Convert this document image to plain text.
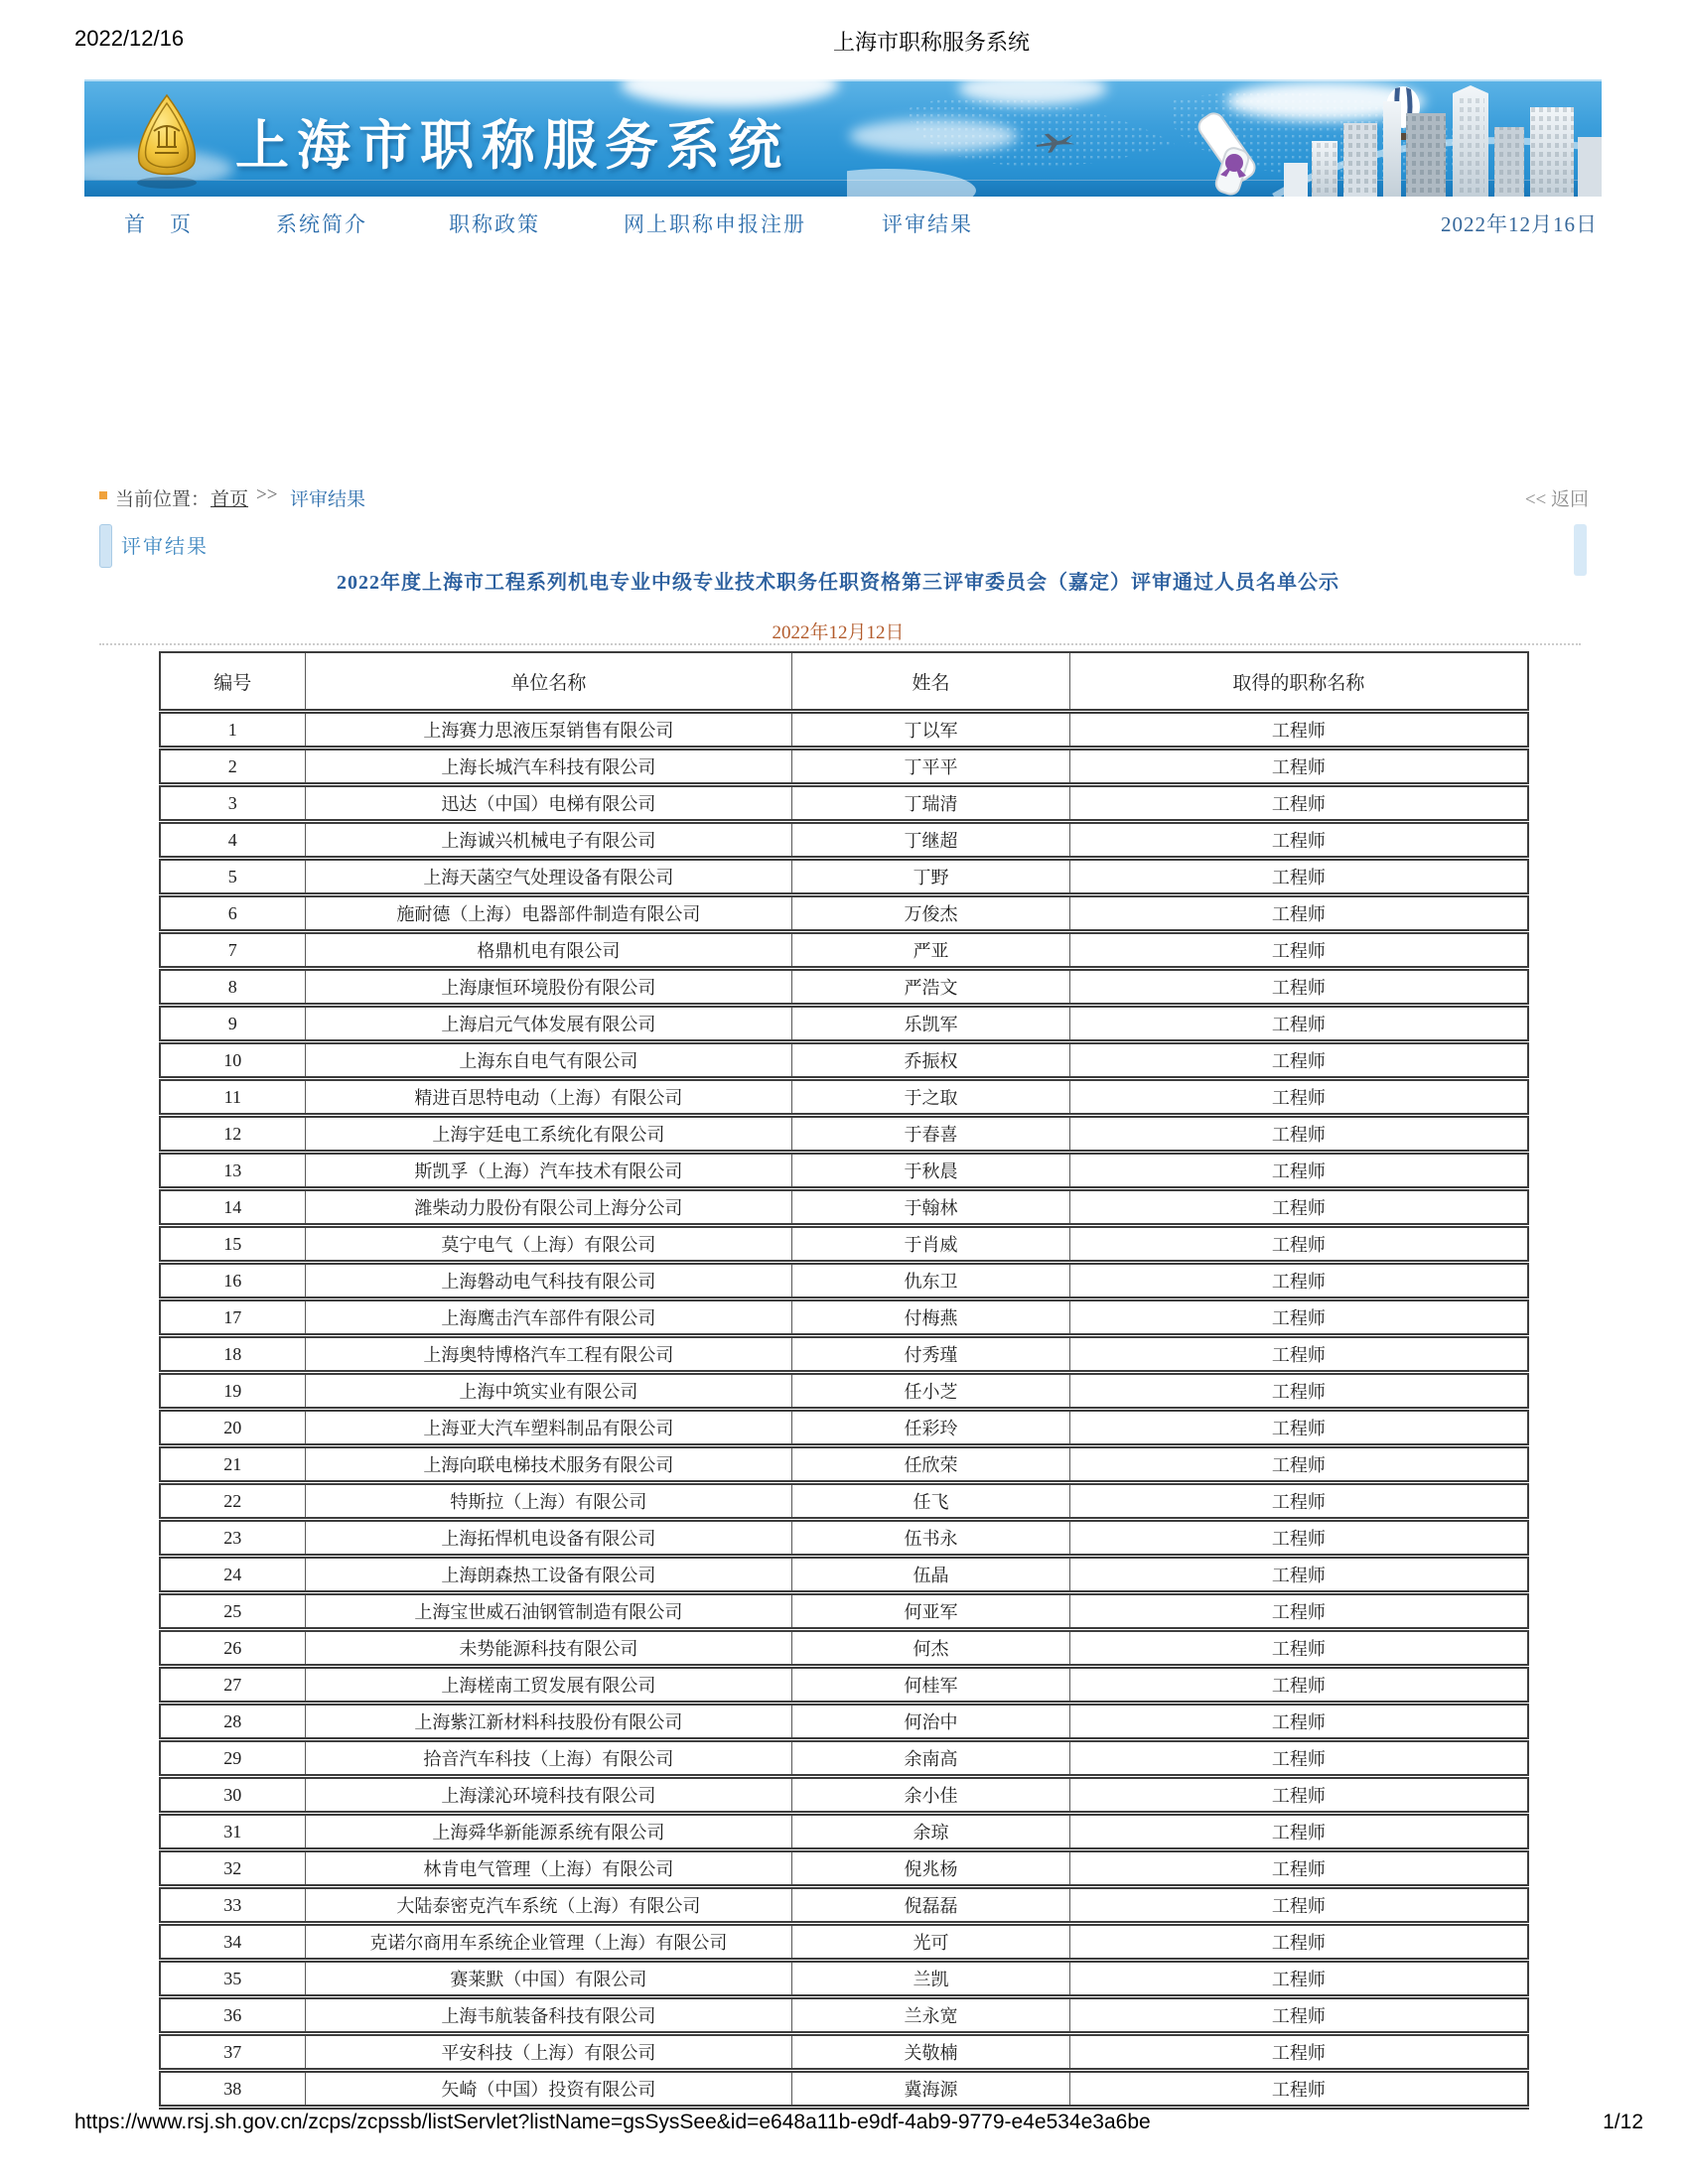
2022/12/16	上海市职称服务系统
上海市职称服务系统
首　页	系统简介	职称政策	网上职称申报注册	评审结果	2022年12月16日
当前位置： 首页 >> 评审结果	<< 返回
评审结果
2022年度上海市工程系列机电专业中级专业技术职务任职资格第三评审委员会（嘉定）评审通过人员名单公示
2022年12月12日
编号	单位名称	姓名	取得的职称名称
1	上海赛力思液压泵销售有限公司	丁以军	工程师
2	上海长城汽车科技有限公司	丁平平	工程师
3	迅达（中国）电梯有限公司	丁瑞清	工程师
4	上海诚兴机械电子有限公司	丁继超	工程师
5	上海天菡空气处理设备有限公司	丁野	工程师
6	施耐德（上海）电器部件制造有限公司	万俊杰	工程师
7	格鼎机电有限公司	严亚	工程师
8	上海康恒环境股份有限公司	严浩文	工程师
9	上海启元气体发展有限公司	乐凯军	工程师
10	上海东自电气有限公司	乔振权	工程师
11	精进百思特电动（上海）有限公司	于之取	工程师
12	上海宇廷电工系统化有限公司	于春喜	工程师
13	斯凯孚（上海）汽车技术有限公司	于秋晨	工程师
14	潍柴动力股份有限公司上海分公司	于翰林	工程师
15	莫宁电气（上海）有限公司	于肖威	工程师
16	上海磐动电气科技有限公司	仇东卫	工程师
17	上海鹰击汽车部件有限公司	付梅燕	工程师
18	上海奥特博格汽车工程有限公司	付秀瑾	工程师
19	上海中筑实业有限公司	任小芝	工程师
20	上海亚大汽车塑料制品有限公司	任彩玲	工程师
21	上海向联电梯技术服务有限公司	任欣荣	工程师
22	特斯拉（上海）有限公司	任飞	工程师
23	上海拓悍机电设备有限公司	伍书永	工程师
24	上海朗森热工设备有限公司	伍晶	工程师
25	上海宝世威石油钢管制造有限公司	何亚军	工程师
26	未势能源科技有限公司	何杰	工程师
27	上海槎南工贸发展有限公司	何桂军	工程师
28	上海紫江新材料科技股份有限公司	何治中	工程师
29	拾音汽车科技（上海）有限公司	余南高	工程师
30	上海漾沁环境科技有限公司	余小佳	工程师
31	上海舜华新能源系统有限公司	余琼	工程师
32	林肯电气管理（上海）有限公司	倪兆杨	工程师
33	大陆泰密克汽车系统（上海）有限公司	倪磊磊	工程师
34	克诺尔商用车系统企业管理（上海）有限公司	光可	工程师
35	赛莱默（中国）有限公司	兰凯	工程师
36	上海韦航装备科技有限公司	兰永宽	工程师
37	平安科技（上海）有限公司	关敬楠	工程师
38	矢崎（中国）投资有限公司	冀海源	工程师
https://www.rsj.sh.gov.cn/zcps/zcpssb/listServlet?listName=gsSysSee&id=e648a11b-e9df-4ab9-9779-e4e534e3a6be	1/12
